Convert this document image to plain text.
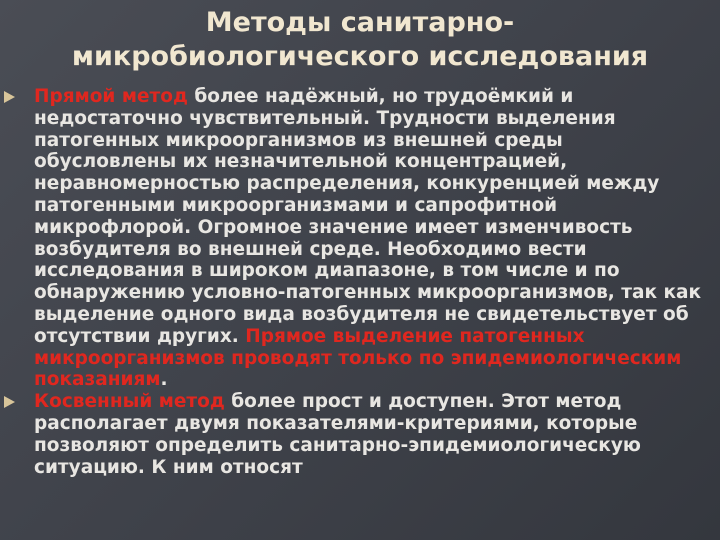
Методы санитарно-
микробиологического исследования
Прямой метод более надёжный, но трудоёмкий и недостаточно чувствительный. Трудности выделения патогенных микроорганизмов из внешней среды обусловлены их незначительной концентрацией, неравномерностью распределения, конкуренцией между патогенными микроорганизмами и сапрофитной микрофлорой. Огромное значение имеет изменчивость возбудителя во внешней среде. Необходимо вести исследования в широком диапазоне, в том числе и по обнаружению условно-патогенных микроорганизмов, так как выделение одного вида возбудителя не свидетельствует об отсутствии других. Прямое выделение патогенных микроорганизмов проводят только по эпидемиологическим показаниям.
Косвенный метод более прост и доступен. Этот метод располагает двумя показателями-критериями, которые позволяют определить санитарно-эпидемиологическую ситуацию. К ним относят
